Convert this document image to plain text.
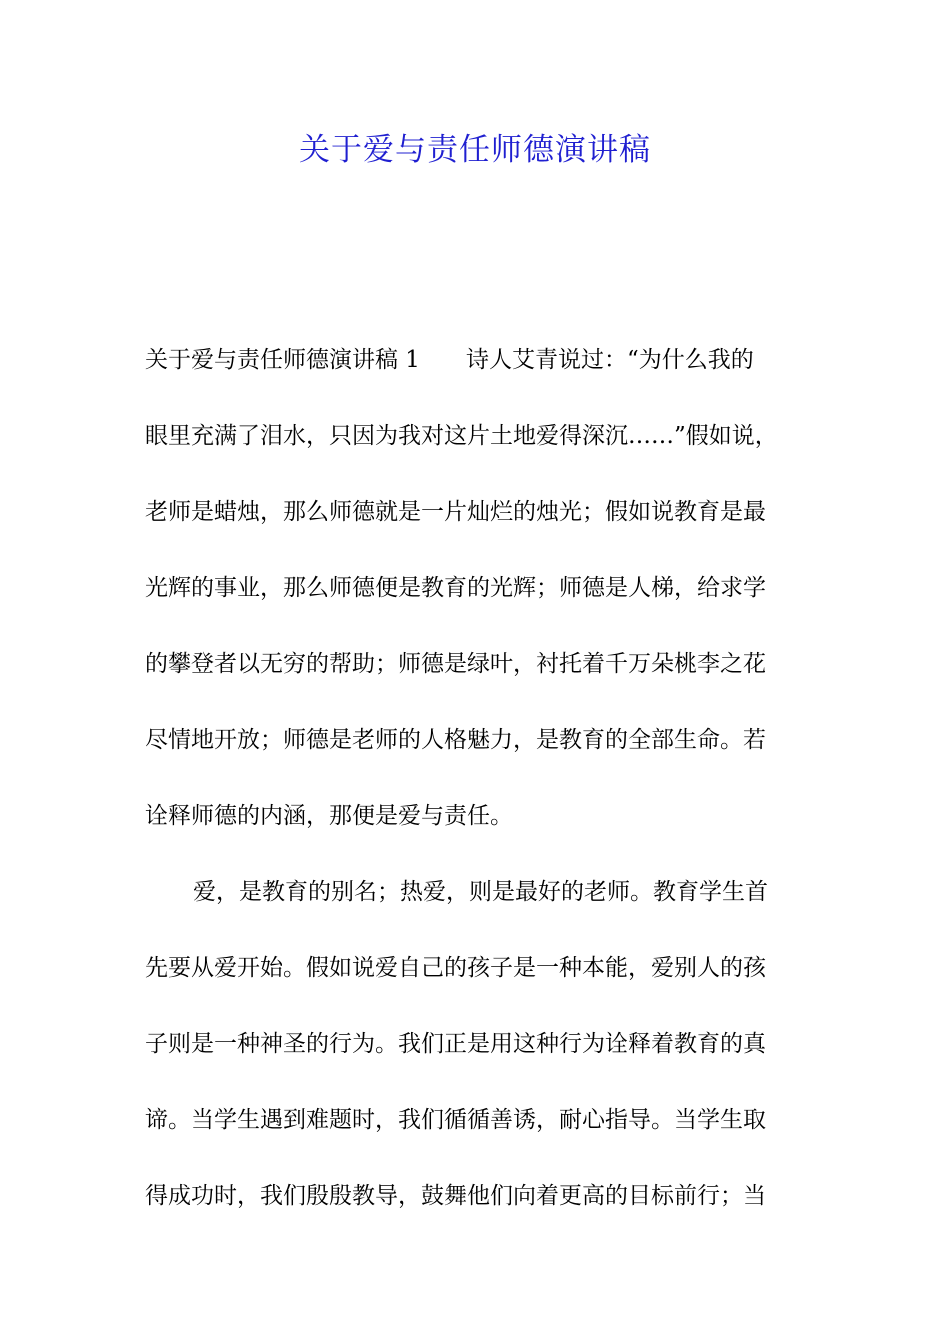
关于爱与责任师德演讲稿
关于爱与责任师德演讲稿 1　　诗人艾青说过：“为什么我的
眼里充满了泪水，只因为我对这片土地爱得深沉……”假如说，
老师是蜡烛，那么师德就是一片灿烂的烛光；假如说教育是最
光辉的事业，那么师德便是教育的光辉；师德是人梯，给求学
的攀登者以无穷的帮助；师德是绿叶，衬托着千万朵桃李之花
尽情地开放；师德是老师的人格魅力，是教育的全部生命。若
诠释师德的内涵，那便是爱与责任。
爱，是教育的别名；热爱，则是最好的老师。教育学生首
先要从爱开始。假如说爱自己的孩子是一种本能，爱别人的孩
子则是一种神圣的行为。我们正是用这种行为诠释着教育的真
谛。当学生遇到难题时，我们循循善诱，耐心指导。当学生取
得成功时，我们殷殷教导，鼓舞他们向着更高的目标前行；当
